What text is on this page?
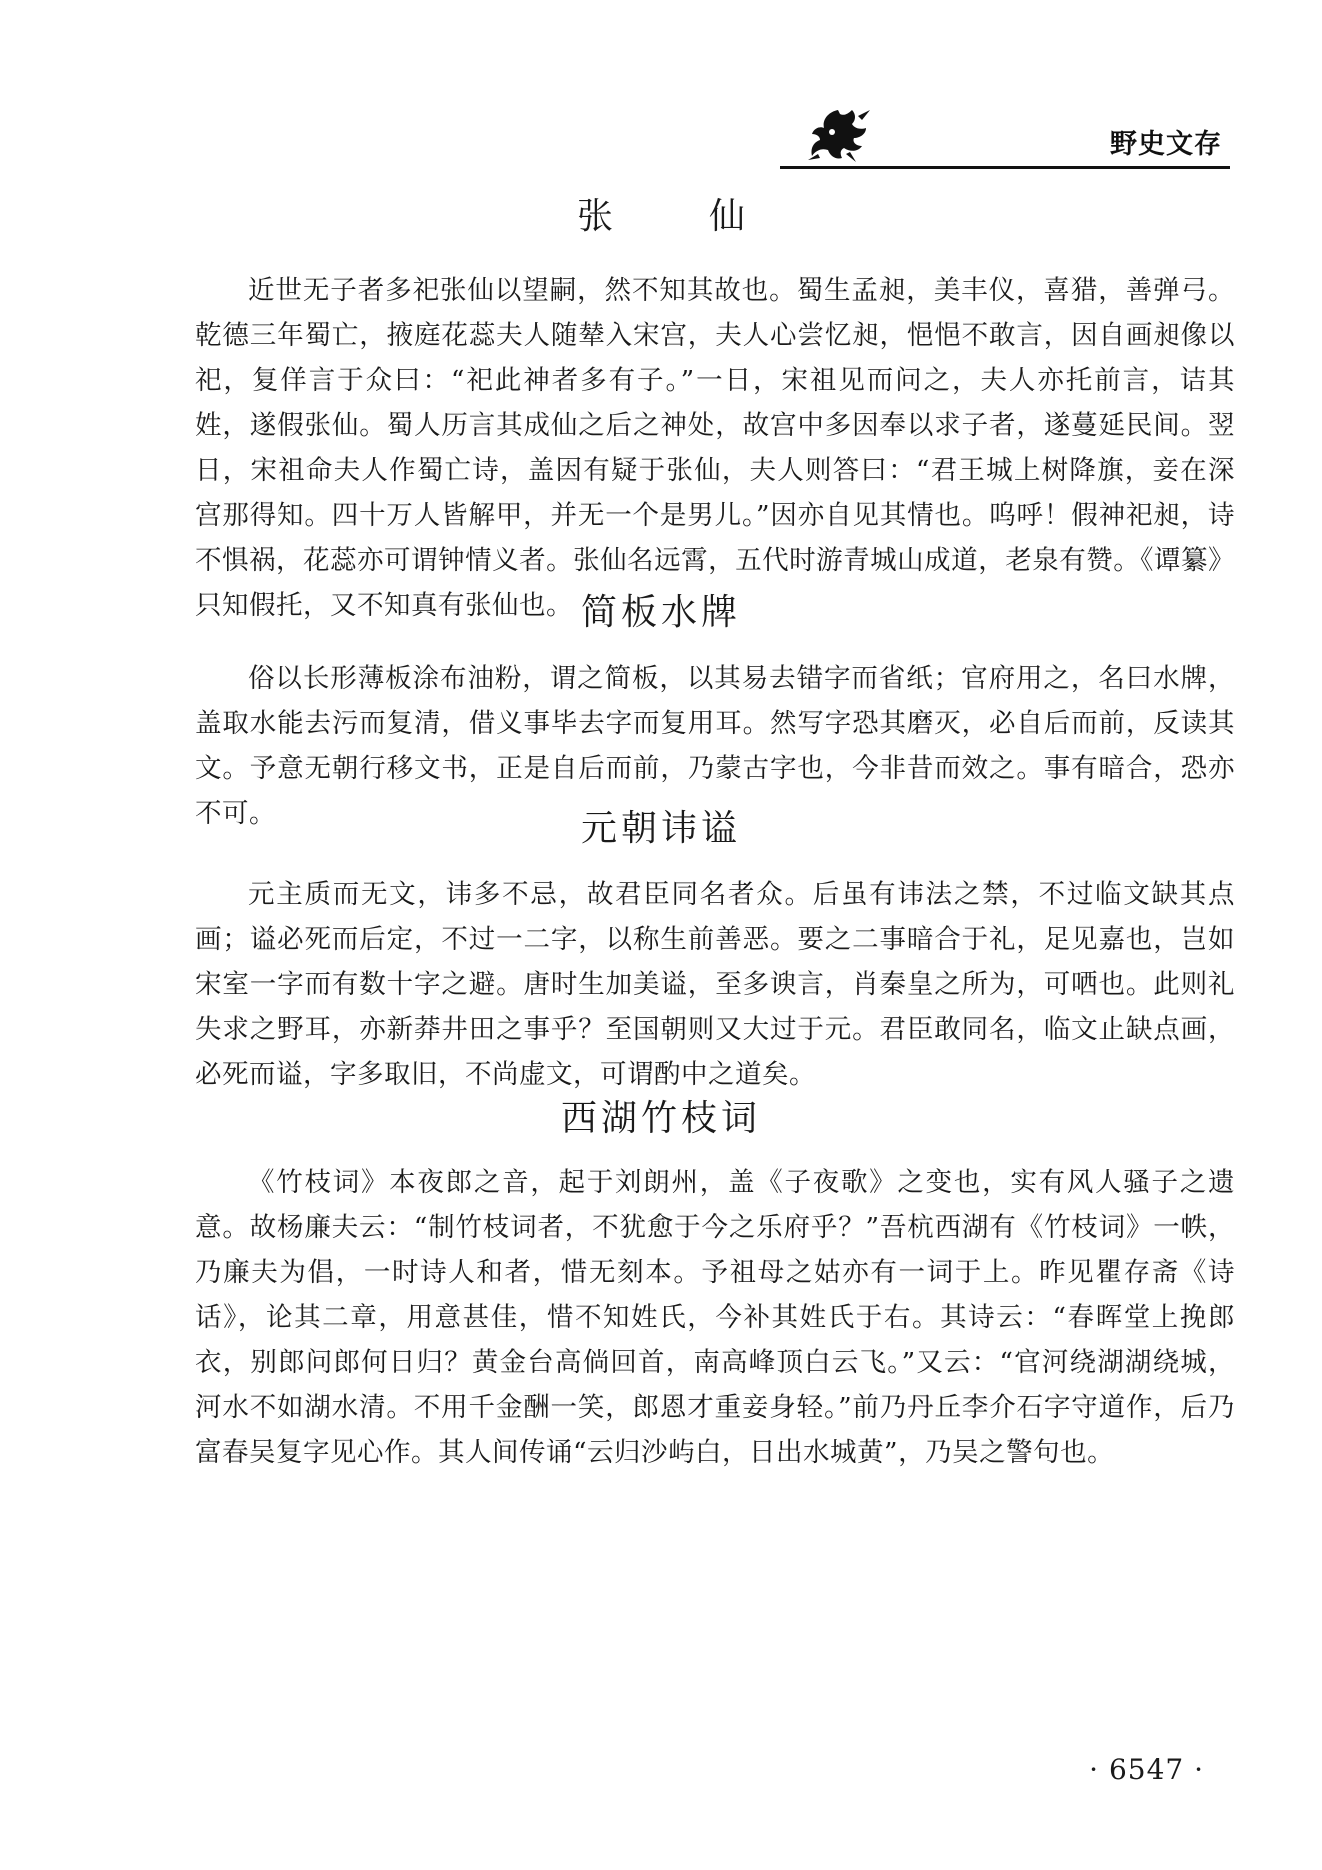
野史文存
张　仙

近世无子者多祀张仙以望嗣，然不知其故也。蜀生孟昶，美丰仪，喜猎，善弹弓。乾德三年蜀亡，掖庭花蕊夫人随辇入宋宫，夫人心尝忆昶，悒悒不敢言，因自画昶像以祀，复佯言于众曰：“祀此神者多有子。”一日，宋祖见而问之，夫人亦托前言，诘其姓，遂假张仙。蜀人历言其成仙之后之神处，故宫中多因奉以求子者，遂蔓延民间。翌日，宋祖命夫人作蜀亡诗，盖因有疑于张仙，夫人则答曰：“君王城上树降旗，妾在深宫那得知。四十万人皆解甲，并无一个是男儿。”因亦自见其情也。呜呼！假神祀昶，诗不惧祸，花蕊亦可谓钟情义者。张仙名远霄，五代时游青城山成道，老泉有赞。《谭纂》只知假托，又不知真有张仙也。 简板水牌

俗以长形薄板涂布油粉，谓之简板，以其易去错字而省纸；官府用之，名曰水牌，盖取水能去污而复清，借义事毕去字而复用耳。然写字恐其磨灭，必自后而前，反读其文。予意无朝行移文书，正是自后而前，乃蒙古字也，今非昔而效之。事有暗合，恐亦不可。	元朝讳谥

元主质而无文，讳多不忌，故君臣同名者众。后虽有讳法之禁，不过临文缺其点画；谥必死而后定，不过一二字，以称生前善恶。要之二事暗合于礼，足见嘉也，岂如宋室一字而有数十字之避。唐时生加美谥，至多谀言，肖秦皇之所为，可哂也。此则礼失求之野耳，亦新莽井田之事乎？至国朝则又大过于元。君臣敢同名，临文止缺点画，必死而谥，字多取旧，不尚虚文，可谓酌中之道矣。

西湖竹枝词

《竹枝词》本夜郎之音，起于刘朗州，盖《子夜歌》之变也，实有风人骚子之遗意。故杨廉夫云：“制竹枝词者，不犹愈于今之乐府乎？”吾杭西湖有《竹枝词》一帙，乃廉夫为倡，一时诗人和者，惜无刻本。予祖母之姑亦有一词于上。昨见瞿存斋《诗话》，论其二章，用意甚佳，惜不知姓氏，今补其姓氏于右。其诗云：“春晖堂上挽郎衣，别郎问郎何日归？黄金台高倘回首，南高峰顶白云飞。”又云：“官河绕湖湖绕城，河水不如湖水清。不用千金酬一笑，郎恩才重妾身轻。”前乃丹丘李介石字守道作，后乃富春吴复字见心作。其人间传诵“云归沙屿白，日出水城黄”，乃吴之警句也。

· 6547 ·
